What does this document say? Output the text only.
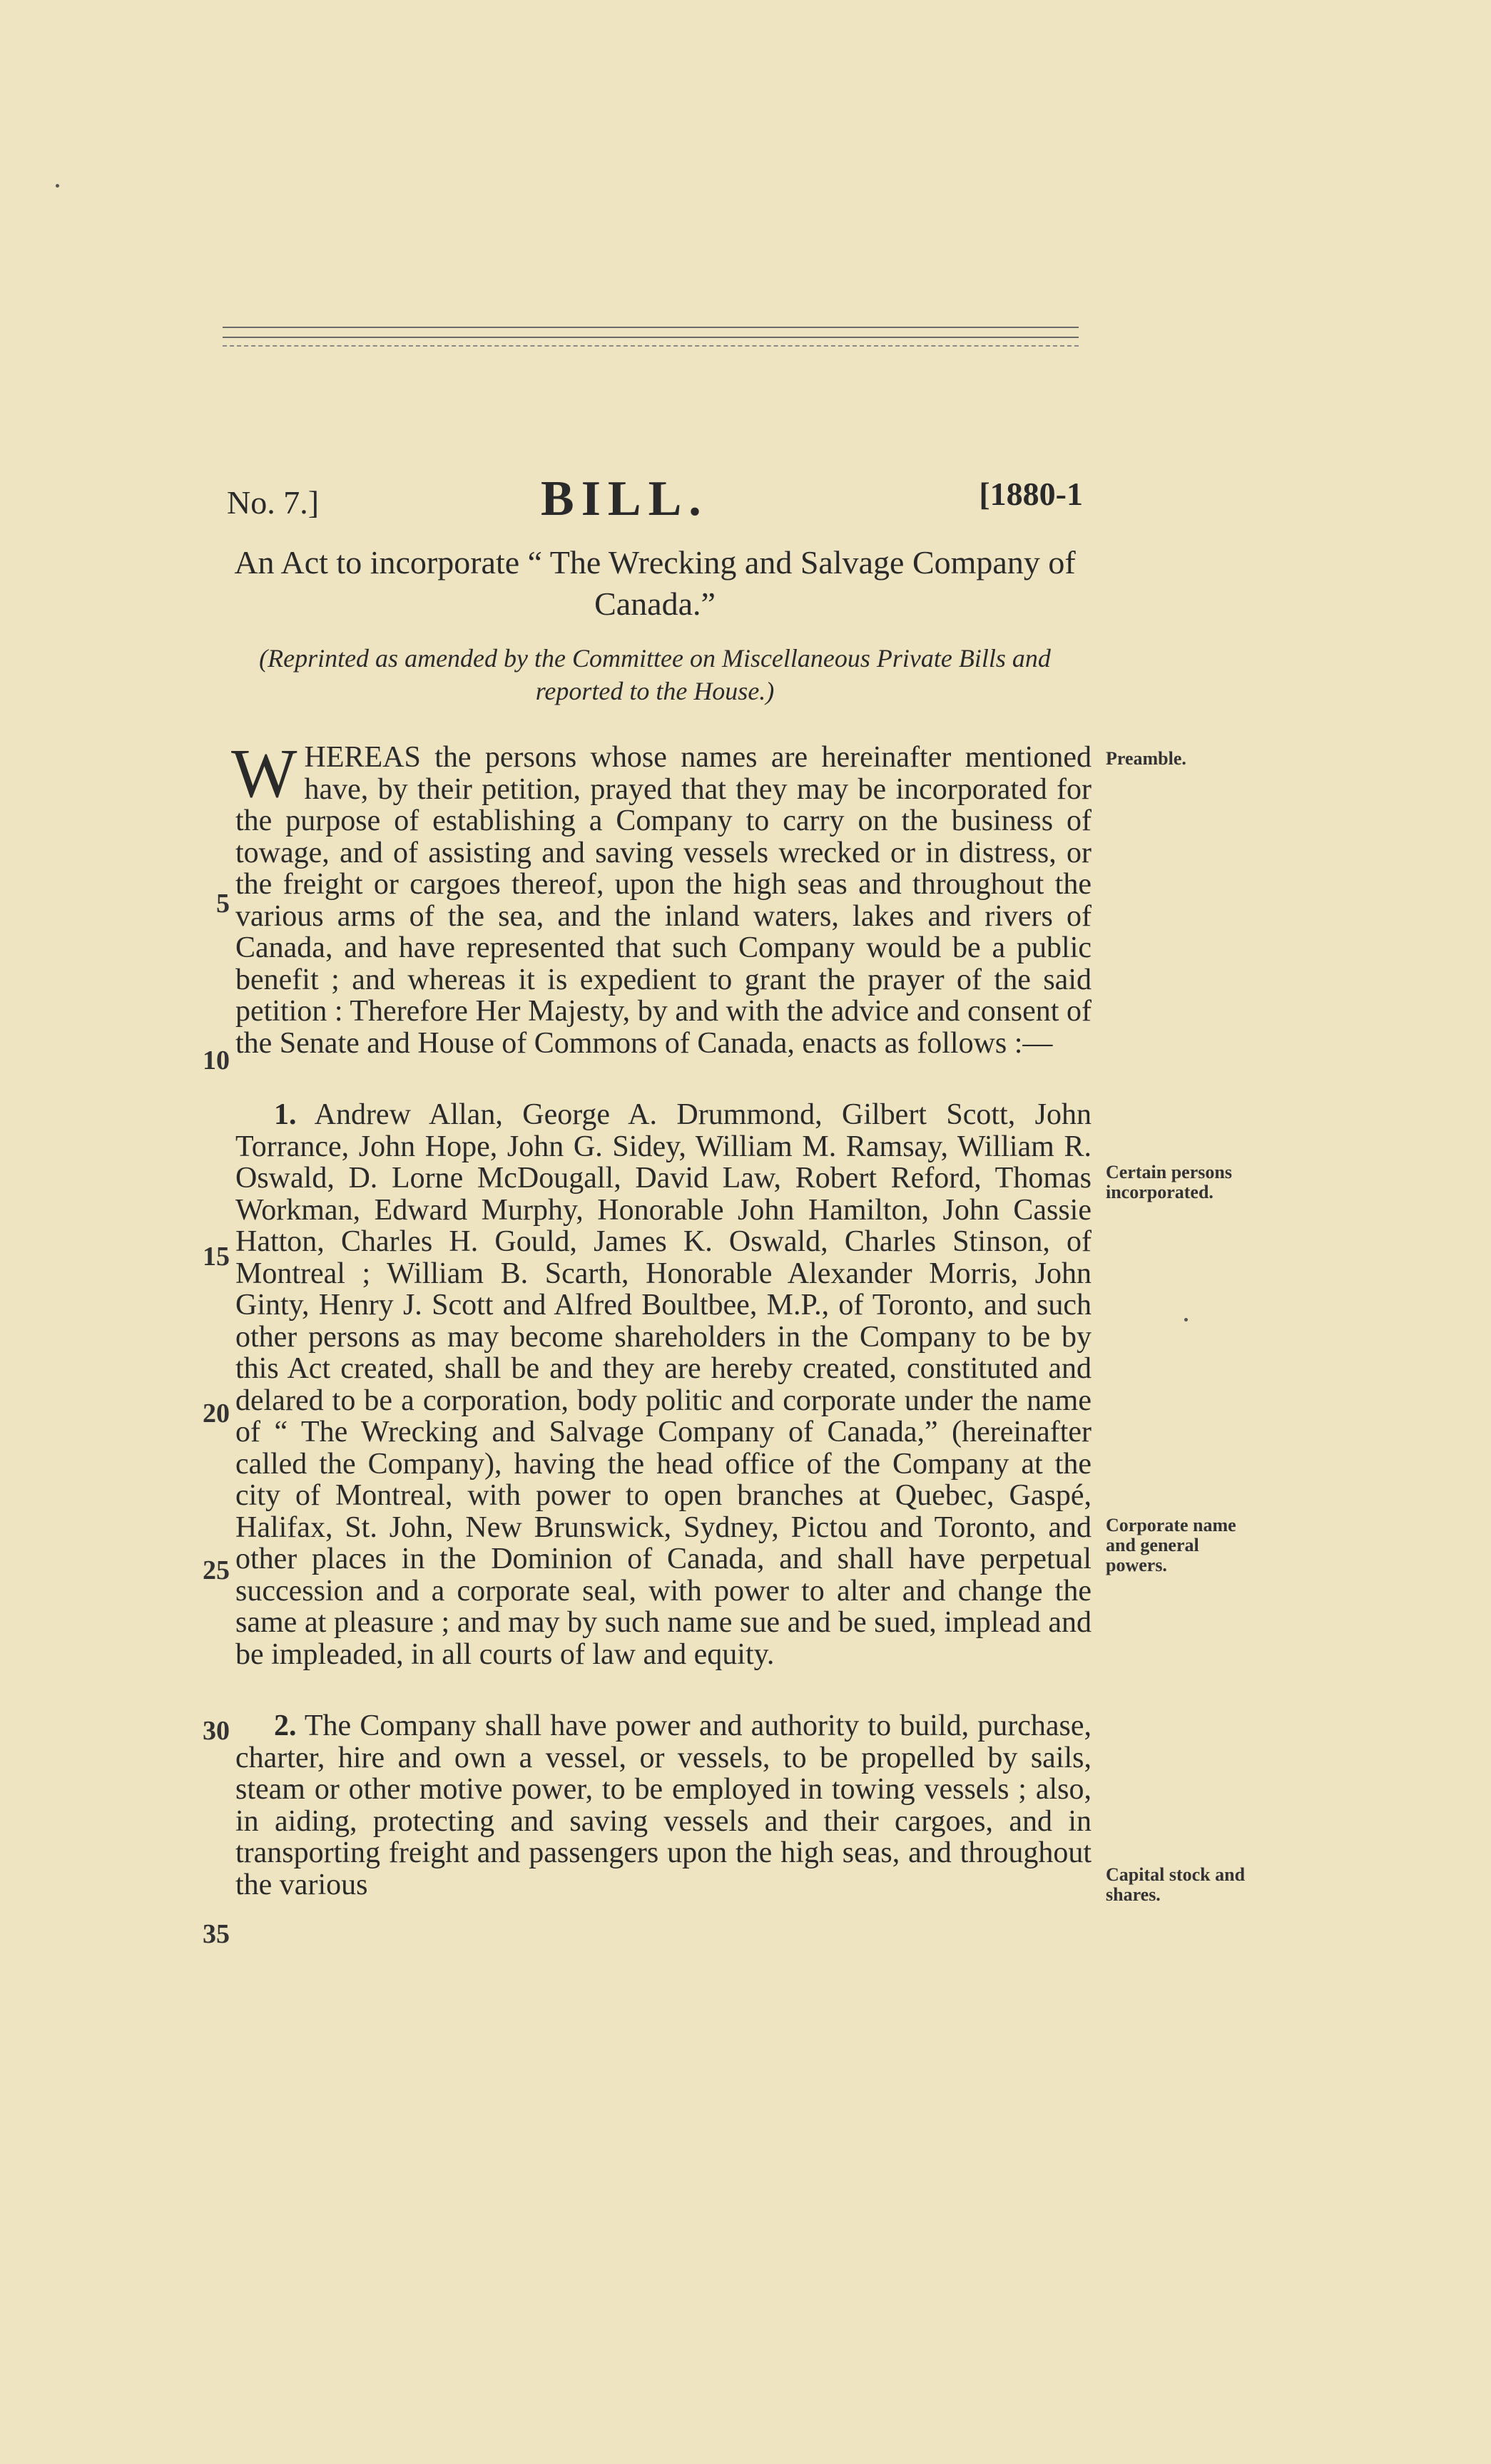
No. 7.]	BILL.	[1880-1
An Act to incorporate “ The Wrecking and Salvage Company of Canada.”
(Reprinted as amended by the Committee on Miscellaneous Private Bills and reported to the House.)

WHEREAS the persons whose names are hereinafter mentioned have, by their petition, prayed that they may be incorporated for the purpose of establishing a Company to carry on the business of towage, and of assisting and saving vessels wrecked or in distress, or the freight or cargoes thereof, upon the high seas and throughout the various arms of the sea, and the inland waters, lakes and rivers of Canada, and have represented that such Company would be a public benefit ; and whereas it is expedient to grant the prayer of the said petition : Therefore Her Majesty, by and with the advice and consent of the Senate and House of Commons of Canada, enacts as follows :—

1. Andrew Allan, George A. Drummond, Gilbert Scott, John Torrance, John Hope, John G. Sidey, William M. Ramsay, William R. Oswald, D. Lorne McDougall, David Law, Robert Reford, Thomas Workman, Edward Murphy, Honorable John Hamilton, John Cassie Hatton, Charles H. Gould, James K. Oswald, Charles Stinson, of Montreal ; William B. Scarth, Honorable Alexander Morris, John Ginty, Henry J. Scott and Alfred Boultbee, M.P., of Toronto, and such other persons as may become shareholders in the Company to be by this Act created, shall be and they are hereby created, constituted and delared to be a corporation, body politic and corporate under the name of “ The Wrecking and Salvage Company of Canada,” (hereinafter called the Company), having the head office of the Company at the city of Montreal, with power to open branches at Quebec, Gaspé, Halifax, St. John, New Brunswick, Sydney, Pictou and Toronto, and other places in the Dominion of Canada, and shall have perpetual succession and a corporate seal, with power to alter and change the same at pleasure ; and may by such name sue and be sued, implead and be impleaded, in all courts of law and equity.

2. The Company shall have power and authority to build, purchase, charter, hire and own a vessel, or vessels, to be propelled by sails, steam or other motive power, to be employed in towing vessels ; also, in aiding, protecting and saving vessels and their cargoes, and in transporting freight and passengers upon the high seas, and throughout the various

5
10
15
20
25
30
35
Preamble.
Certain persons incorporated.
Corporate name and general powers.
Capital stock and shares.
